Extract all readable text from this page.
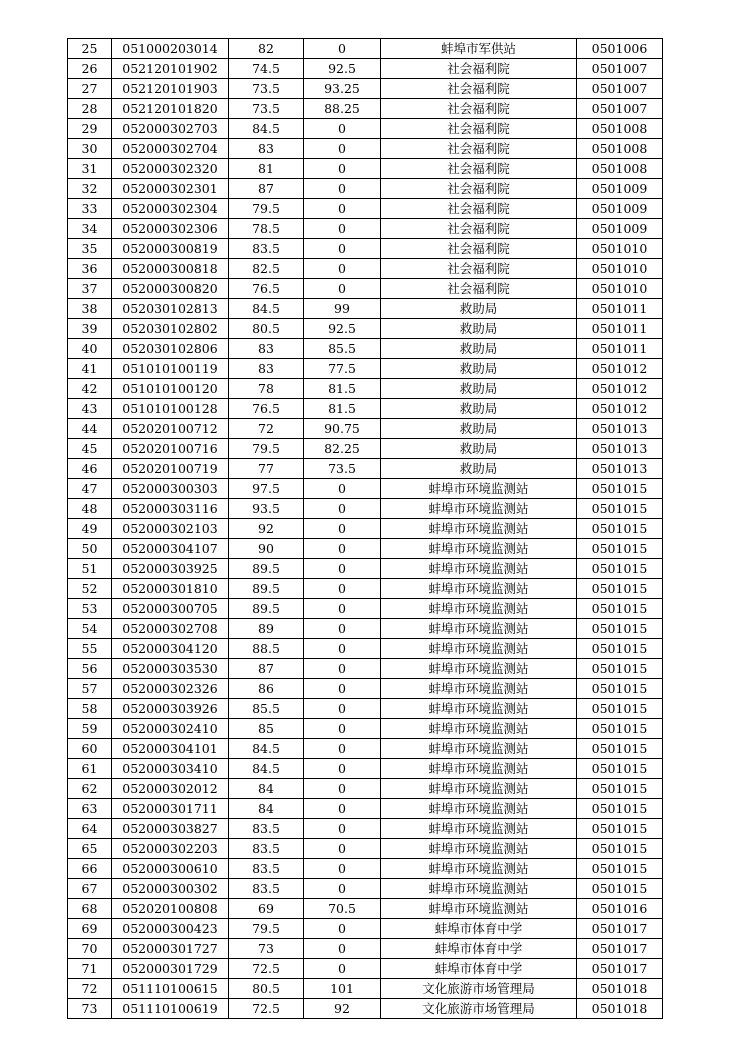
25	051000203014	82	0	蚌埠市军供站	0501006
26	052120101902	74.5	92.5	社会福利院	0501007
27	052120101903	73.5	93.25	社会福利院	0501007
28	052120101820	73.5	88.25	社会福利院	0501007
29	052000302703	84.5	0	社会福利院	0501008
30	052000302704	83	0	社会福利院	0501008
31	052000302320	81	0	社会福利院	0501008
32	052000302301	87	0	社会福利院	0501009
33	052000302304	79.5	0	社会福利院	0501009
34	052000302306	78.5	0	社会福利院	0501009
35	052000300819	83.5	0	社会福利院	0501010
36	052000300818	82.5	0	社会福利院	0501010
37	052000300820	76.5	0	社会福利院	0501010
38	052030102813	84.5	99	救助局	0501011
39	052030102802	80.5	92.5	救助局	0501011
40	052030102806	83	85.5	救助局	0501011
41	051010100119	83	77.5	救助局	0501012
42	051010100120	78	81.5	救助局	0501012
43	051010100128	76.5	81.5	救助局	0501012
44	052020100712	72	90.75	救助局	0501013
45	052020100716	79.5	82.25	救助局	0501013
46	052020100719	77	73.5	救助局	0501013
47	052000300303	97.5	0	蚌埠市环境监测站	0501015
48	052000303116	93.5	0	蚌埠市环境监测站	0501015
49	052000302103	92	0	蚌埠市环境监测站	0501015
50	052000304107	90	0	蚌埠市环境监测站	0501015
51	052000303925	89.5	0	蚌埠市环境监测站	0501015
52	052000301810	89.5	0	蚌埠市环境监测站	0501015
53	052000300705	89.5	0	蚌埠市环境监测站	0501015
54	052000302708	89	0	蚌埠市环境监测站	0501015
55	052000304120	88.5	0	蚌埠市环境监测站	0501015
56	052000303530	87	0	蚌埠市环境监测站	0501015
57	052000302326	86	0	蚌埠市环境监测站	0501015
58	052000303926	85.5	0	蚌埠市环境监测站	0501015
59	052000302410	85	0	蚌埠市环境监测站	0501015
60	052000304101	84.5	0	蚌埠市环境监测站	0501015
61	052000303410	84.5	0	蚌埠市环境监测站	0501015
62	052000302012	84	0	蚌埠市环境监测站	0501015
63	052000301711	84	0	蚌埠市环境监测站	0501015
64	052000303827	83.5	0	蚌埠市环境监测站	0501015
65	052000302203	83.5	0	蚌埠市环境监测站	0501015
66	052000300610	83.5	0	蚌埠市环境监测站	0501015
67	052000300302	83.5	0	蚌埠市环境监测站	0501015
68	052020100808	69	70.5	蚌埠市环境监测站	0501016
69	052000300423	79.5	0	蚌埠市体育中学	0501017
70	052000301727	73	0	蚌埠市体育中学	0501017
71	052000301729	72.5	0	蚌埠市体育中学	0501017
72	051110100615	80.5	101	文化旅游市场管理局	0501018
73	051110100619	72.5	92	文化旅游市场管理局	0501018
